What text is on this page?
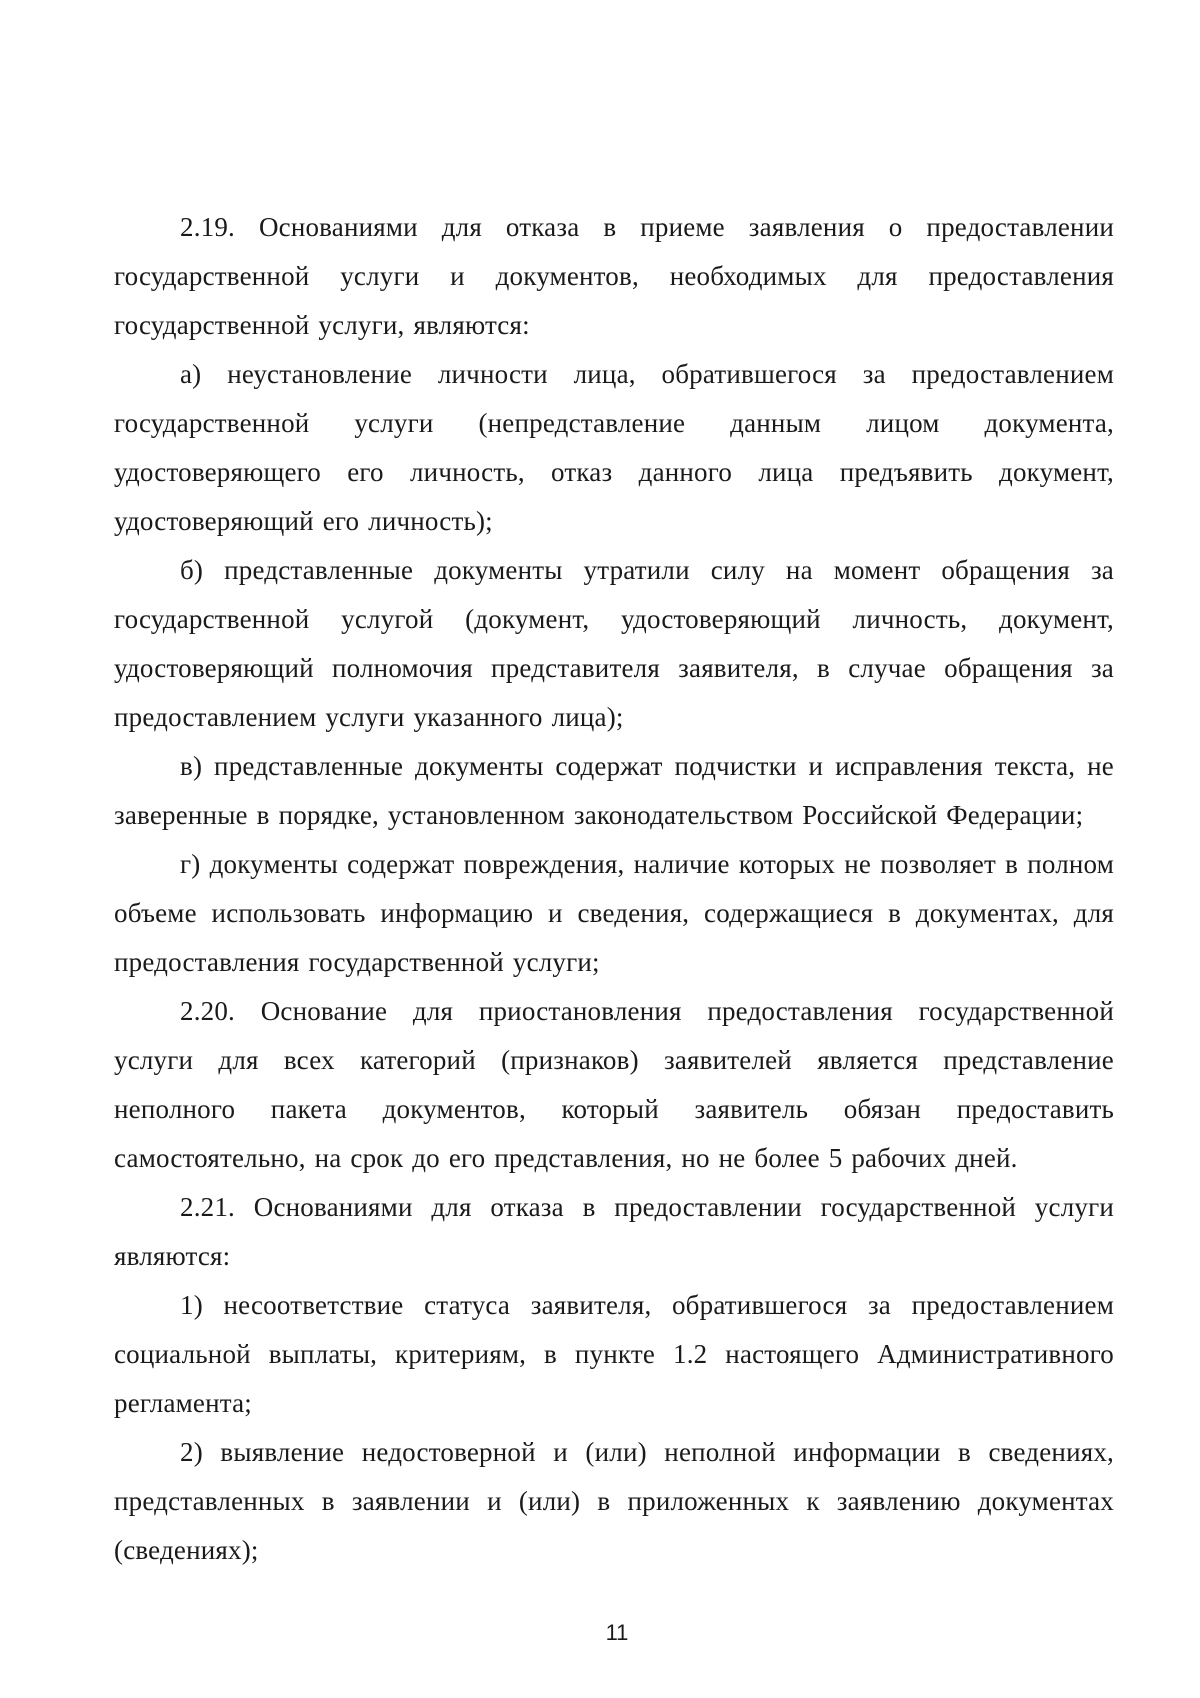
2.19. Основаниями для отказа в приеме заявления о предоставлении государственной услуги и документов, необходимых для предоставления государственной услуги, являются:

а) неустановление личности лица, обратившегося за предоставлением государственной услуги (непредставление данным лицом документа, удостоверяющего его личность, отказ данного лица предъявить документ, удостоверяющий его личность);

б) представленные документы утратили силу на момент обращения за государственной услугой (документ, удостоверяющий личность, документ, удостоверяющий полномочия представителя заявителя, в случае обращения за предоставлением услуги указанного лица);

в) представленные документы содержат подчистки и исправления текста, не заверенные в порядке, установленном законодательством Российской Федерации;

г) документы содержат повреждения, наличие которых не позволяет в полном объеме использовать информацию и сведения, содержащиеся в документах, для предоставления государственной услуги;

2.20. Основание для приостановления предоставления государственной услуги для всех категорий (признаков) заявителей является представление неполного пакета документов, который заявитель обязан предоставить самостоятельно, на срок до его представления, но не более 5 рабочих дней.

2.21. Основаниями для отказа в предоставлении государственной услуги являются:

1) несоответствие статуса заявителя, обратившегося за предоставлением социальной выплаты, критериям, в пункте 1.2 настоящего Административного регламента;

2) выявление недостоверной и (или) неполной информации в сведениях, представленных в заявлении и (или) в приложенных к заявлению документах (сведениях);

11
